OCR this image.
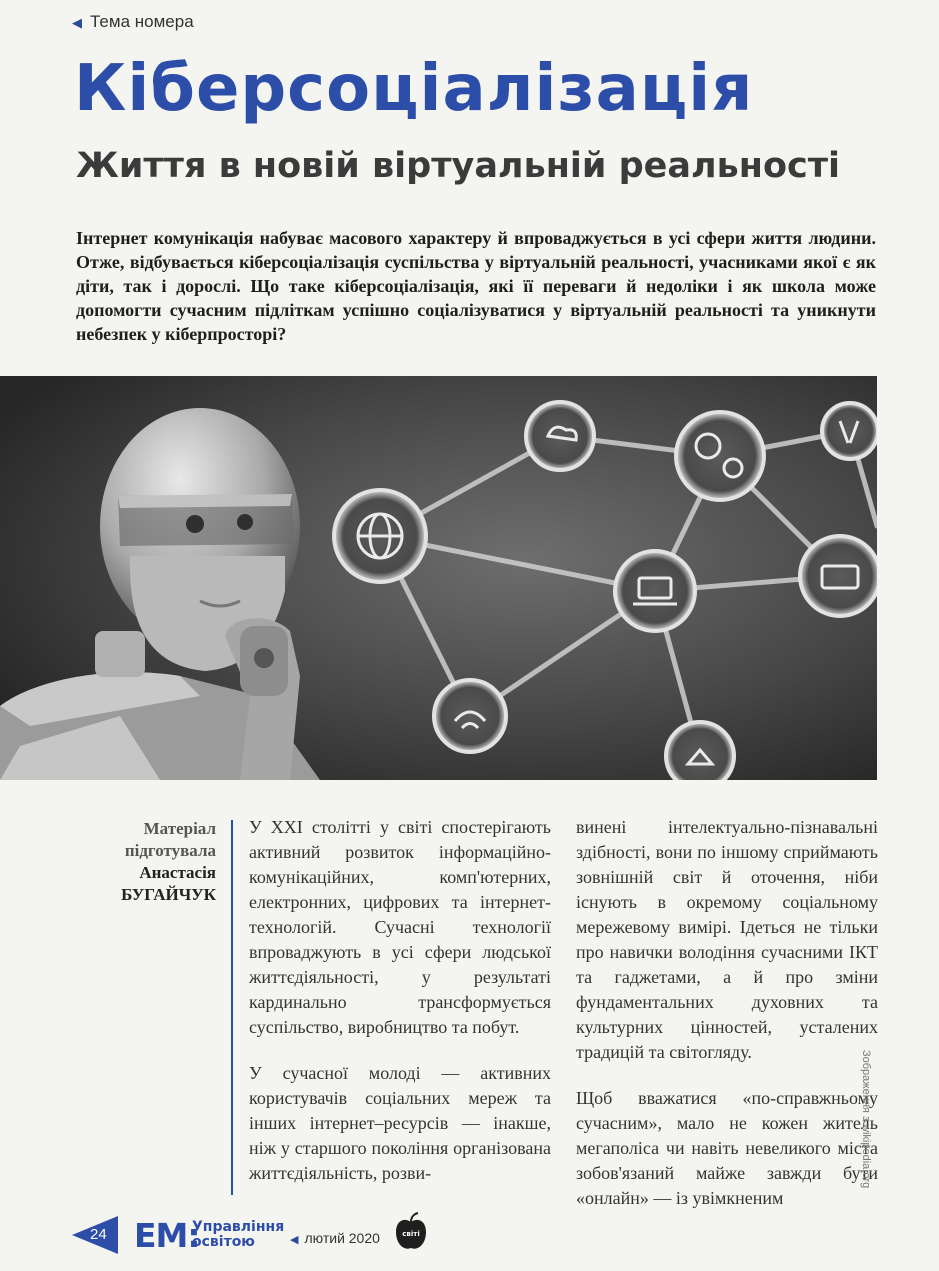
◀ Тема номера
Кіберсоціалізація
Життя в новій віртуальній реальності

Інтернет комунікація набуває масового характеру й впроваджується в усі сфери життя людини. Отже, відбувається кіберсоціалізація суспільства у віртуальній реальності, учасниками якої є як діти, так і дорослі. Що таке кіберсоціалізація, які її переваги й недоліки і як школа може допомогти сучасним підліткам успішно соціалізуватися у віртуальній реальності та уникнути небезпек у кіберпросторі?

Матеріал
підготувала
Анастасія
БУГАЙЧУК

У XXI столітті у світі спостерігають активний розвиток інформаційно-комунікаційних, комп'ютерних, електронних, цифрових та інтернет-технологій. Сучасні технології впроваджують в усі сфери людської життєдіяльності, у результаті кардинально трансформується суспільство, виробництво та побут.

У сучасної молоді — активних користувачів соціальних мереж та інших інтернет–ресурсів — інакше, ніж у старшого покоління організована життєдіяльність, розви-

винені інтелектуально-пізнавальні здібності, вони по іншому сприймають зовнішній світ й оточення, ніби існують в окремому соціальному мережевому вимірі. Ідеться не тільки про навички володіння сучасними ІКТ та гаджетами, а й про зміни фундаментальних духовних та культурних цінностей, усталених традицій та світогляду.

Щоб вважатися «по-справжньому сучасним», мало не кожен житель мегаполіса чи навіть невеликого міста зобов'язаний майже завжди бути «онлайн» — із увімкненим

Зображення з wikipedia.org
24 ЕМ:
Управління
освітою	◀ лютий 2020	світі
